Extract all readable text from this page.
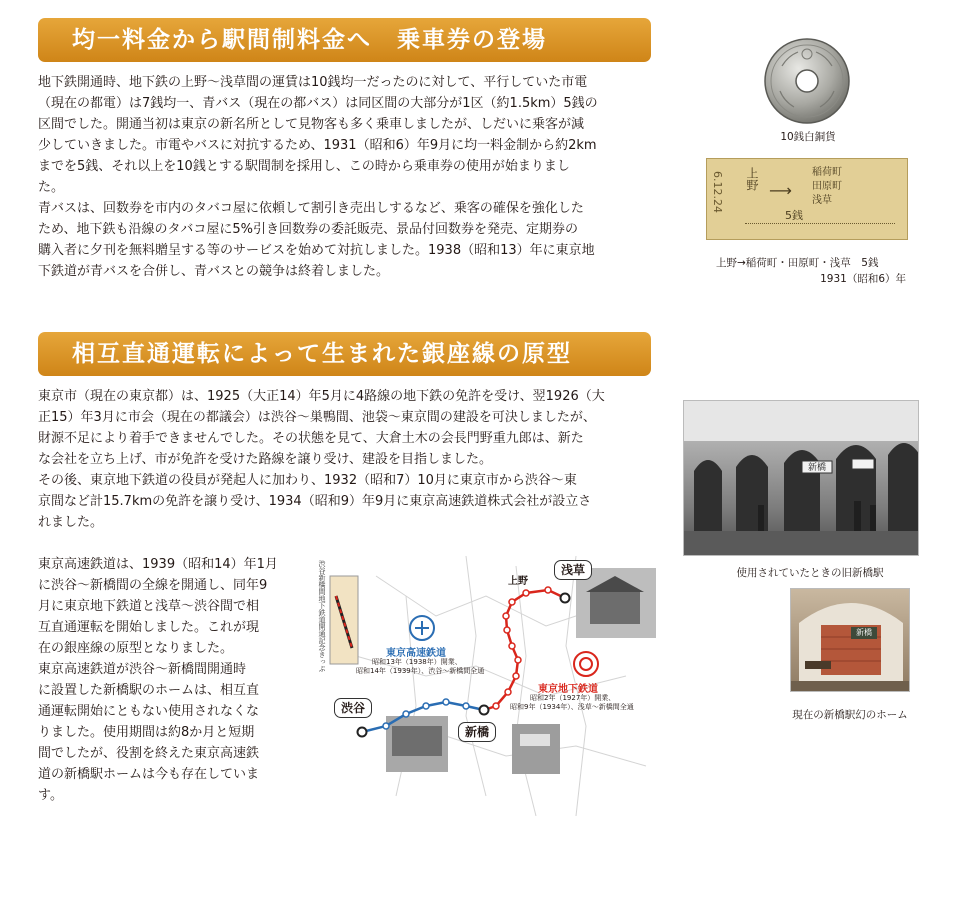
均一料金から駅間制料金へ　乗車券の登場
地下鉄開通時、地下鉄の上野～浅草間の運賃は10銭均一だったのに対して、平行していた市電
（現在の都電）は7銭均一、青バス（現在の都バス）は同区間の大部分が1区（約1.5km）5銭の
区間でした。開通当初は東京の新名所として見物客も多く乗車しましたが、しだいに乗客が減
少していきました。市電やバスに対抗するため、1931（昭和6）年9月に均一料金制から約2km
までを5銭、それ以上を10銭とする駅間制を採用し、この時から乗車券の使用が始まりまし
た。
青バスは、回数券を市内のタバコ屋に依頼して割引き売出しするなど、乗客の確保を強化した
ため、地下鉄も沿線のタバコ屋に5%引き回数券の委託販売、景品付回数券を発売、定期券の
購入者に夕刊を無料贈呈する等のサービスを始めて対抗しました。1938（昭和13）年に東京地
下鉄道が青バスを合併し、青バスとの競争は終着しました。
10銭白銅貨
6.12.24 上野 ⟶
稲荷町
田原町
浅草
5銭
上野→稲荷町・田原町・浅草　5銭
1931（昭和6）年
相互直通運転によって生まれた銀座線の原型
東京市（現在の東京都）は、1925（大正14）年5月に4路線の地下鉄の免許を受け、翌1926（大
正15）年3月に市会（現在の都議会）は渋谷～巣鴨間、池袋～東京間の建設を可決しましたが、
財源不足により着手できませんでした。その状態を見て、大倉土木の会長門野重九郎は、新た
な会社を立ち上げ、市が免許を受けた路線を譲り受け、建設を目指しました。
その後、東京地下鉄道の役員が発起人に加わり、1932（昭和7）10月に東京市から渋谷～東
京間など計15.7kmの免許を譲り受け、1934（昭和9）年9月に東京高速鉄道株式会社が設立さ
れました。
東京高速鉄道は、1939（昭和14）年1月
に渋谷～新橋間の全線を開通し、同年9
月に東京地下鉄道と浅草～渋谷間で相
互直通運転を開始しました。これが現
在の銀座線の原型となりました。
東京高速鉄道が渋谷～新橋間開通時
に設置した新橋駅のホームは、相互直
通運転開始にともない使用されなくな
りました。使用期間は約8か月と短期
間でしたが、役割を終えた東京高速鉄
道の新橋駅ホームは今も存在していま
す。
新橋
使用されていたときの旧新橋駅
新橋
現在の新橋駅幻のホーム
渋谷新橋間地下鉄道開通記念きっぷ	上野
浅草
渋谷
新橋
東京高速鉄道
昭和13年（1938年）開業、
昭和14年（1939年）、渋谷～新橋間全通
東京地下鉄道
昭和2年（1927年）開業、
昭和9年（1934年）、浅草～新橋間全通
